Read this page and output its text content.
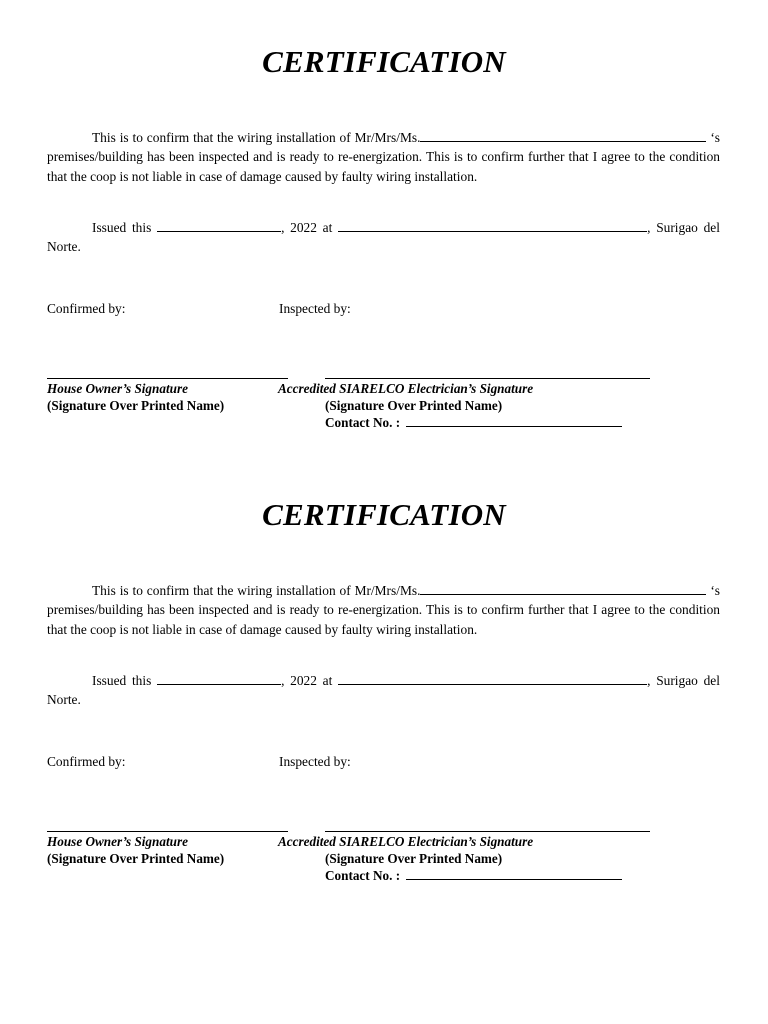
CERTIFICATION

This is to confirm that the wiring installation of Mr/Mrs/Ms.	‘s premises/building has been inspected and is ready to re-energization. This is to confirm further that I agree to the condition that the coop is not liable in case of damage caused by faulty wiring installation.

Issued this	, 2022 at	, Surigao del Norte.

Confirmed by:	Inspected by:
House Owner’s Signature	Accredited SIARELCO Electrician’s Signature
(Signature Over Printed Name)	(Signature Over Printed Name)
Contact No. :
CERTIFICATION

This is to confirm that the wiring installation of Mr/Mrs/Ms.	‘s premises/building has been inspected and is ready to re-energization. This is to confirm further that I agree to the condition that the coop is not liable in case of damage caused by faulty wiring installation.

Issued this	, 2022 at	, Surigao del Norte.

Confirmed by:	Inspected by:
House Owner’s Signature	Accredited SIARELCO Electrician’s Signature
(Signature Over Printed Name)	(Signature Over Printed Name)
Contact No. :
